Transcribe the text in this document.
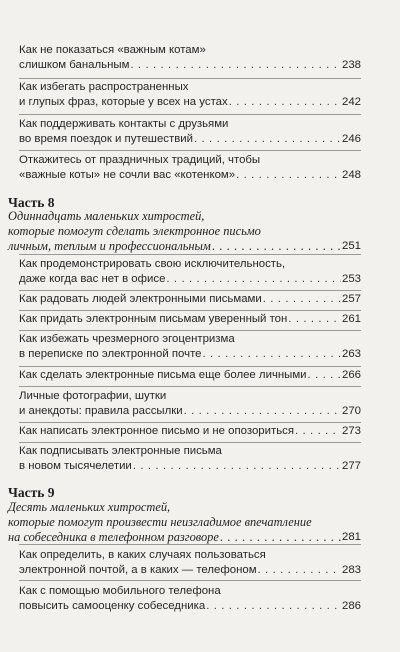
Как не показаться «важным котам»
слишком банальным . . .	238
Как избегать распространенных
и глупых фраз, которые у всех на устах . . .	242
Как поддерживать контакты с друзьями
во время поездок и путешествий . . .	246
Откажитесь от праздничных традиций, чтобы
«важные коты» не сочли вас «котенком» . . .	248
Часть 8
Одиннадцать маленьких хитростей,
которые помогут сделать электронное письмо
личным, теплым и профессиональным . . .	251
Как продемонстрировать свою исключительность,
даже когда вас нет в офисе . . .	253
Как радовать людей электронными письмами . . .	257
Как придать электронным письмам уверенный тон . . .	261
Как избежать чрезмерного эгоцентризма
в переписке по электронной почте . . .	263
Как сделать электронные письма еще более личными . . .	266
Личные фотографии, шутки
и анекдоты: правила рассылки . . .	270
Как написать электронное письмо и не опозориться . . .	273
Как подписывать электронные письма
в новом тысячелетии . . .	277
Часть 9
Десять маленьких хитростей,
которые помогут произвести неизгладимое впечатление
на собеседника в телефонном разговоре . . .	281
Как определить, в каких случаях пользоваться
электронной почтой, а в каких — телефоном . . .	283
Как с помощью мобильного телефона
повысить самооценку собеседника . . .	286
